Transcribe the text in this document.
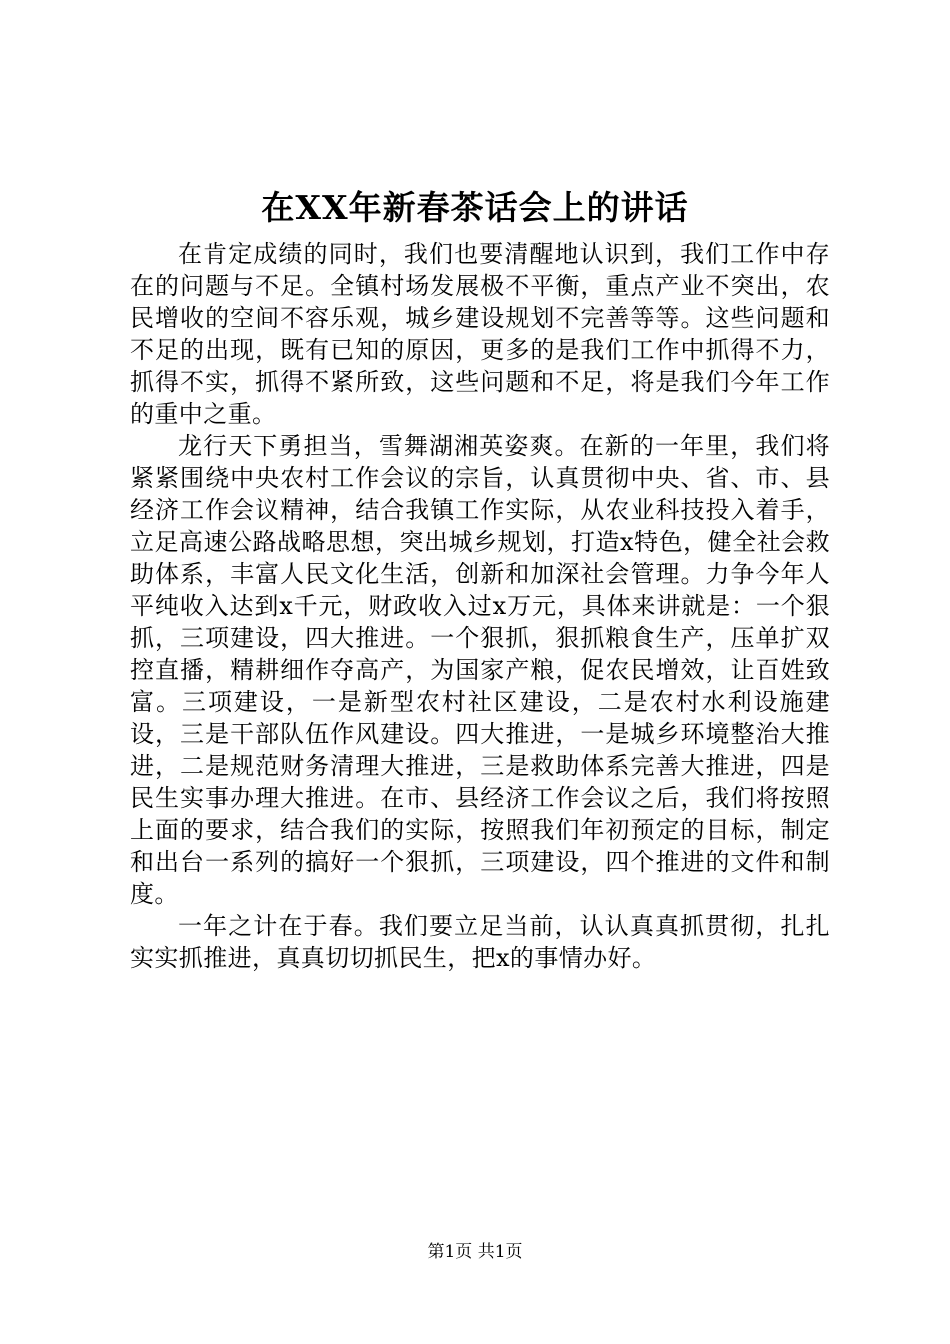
在XX年新春茶话会上的讲话

在肯定成绩的同时，我们也要清醒地认识到，我们工作中存在的问题与不足。全镇村场发展极不平衡，重点产业不突出，农民增收的空间不容乐观，城乡建设规划不完善等等。这些问题和不足的出现，既有已知的原因，更多的是我们工作中抓得不力，抓得不实，抓得不紧所致，这些问题和不足，将是我们今年工作的重中之重。

龙行天下勇担当，雪舞湖湘英姿爽。在新的一年里，我们将紧紧围绕中央农村工作会议的宗旨，认真贯彻中央、省、市、县经济工作会议精神，结合我镇工作实际，从农业科技投入着手，立足高速公路战略思想，突出城乡规划，打造x特色，健全社会救助体系，丰富人民文化生活，创新和加深社会管理。力争今年人平纯收入达到x千元，财政收入过x万元，具体来讲就是：一个狠抓，三项建设，四大推进。一个狠抓，狠抓粮食生产，压单扩双控直播，精耕细作夺高产，为国家产粮，促农民增效，让百姓致富。三项建设，一是新型农村社区建设，二是农村水利设施建设，三是干部队伍作风建设。四大推进，一是城乡环境整治大推进，二是规范财务清理大推进，三是救助体系完善大推进，四是民生实事办理大推进。在市、县经济工作会议之后，我们将按照上面的要求，结合我们的实际，按照我们年初预定的目标，制定和出台一系列的搞好一个狠抓，三项建设，四个推进的文件和制度。

一年之计在于春。我们要立足当前，认认真真抓贯彻，扎扎实实抓推进，真真切切抓民生，把x的事情办好。

第1页 共1页
